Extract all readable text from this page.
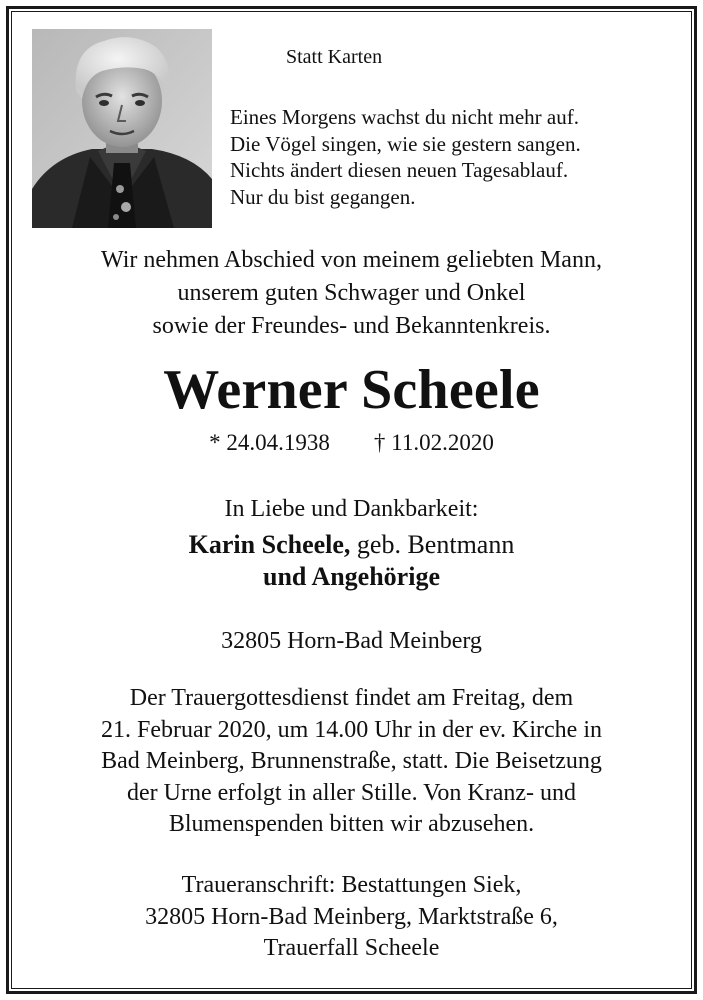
Statt Karten
Eines Morgens wachst du nicht mehr auf.
Die Vögel singen, wie sie gestern sangen.
Nichts ändert diesen neuen Tagesablauf.
Nur du bist gegangen.
Wir nehmen Abschied von meinem geliebten Mann,
unserem guten Schwager und Onkel
sowie der Freundes- und Bekanntenkreis.
Werner Scheele
* 24.04.1938 † 11.02.2020
In Liebe und Dankbarkeit:
Karin Scheele, geb. Bentmann
und Angehörige
32805 Horn-Bad Meinberg
Der Trauergottesdienst findet am Freitag, dem
21. Februar 2020, um 14.00 Uhr in der ev. Kirche in
Bad Meinberg, Brunnenstraße, statt. Die Beisetzung
der Urne erfolgt in aller Stille. Von Kranz- und
Blumenspenden bitten wir abzusehen.
Traueranschrift: Bestattungen Siek,
32805 Horn-Bad Meinberg, Marktstraße 6,
Trauerfall Scheele
